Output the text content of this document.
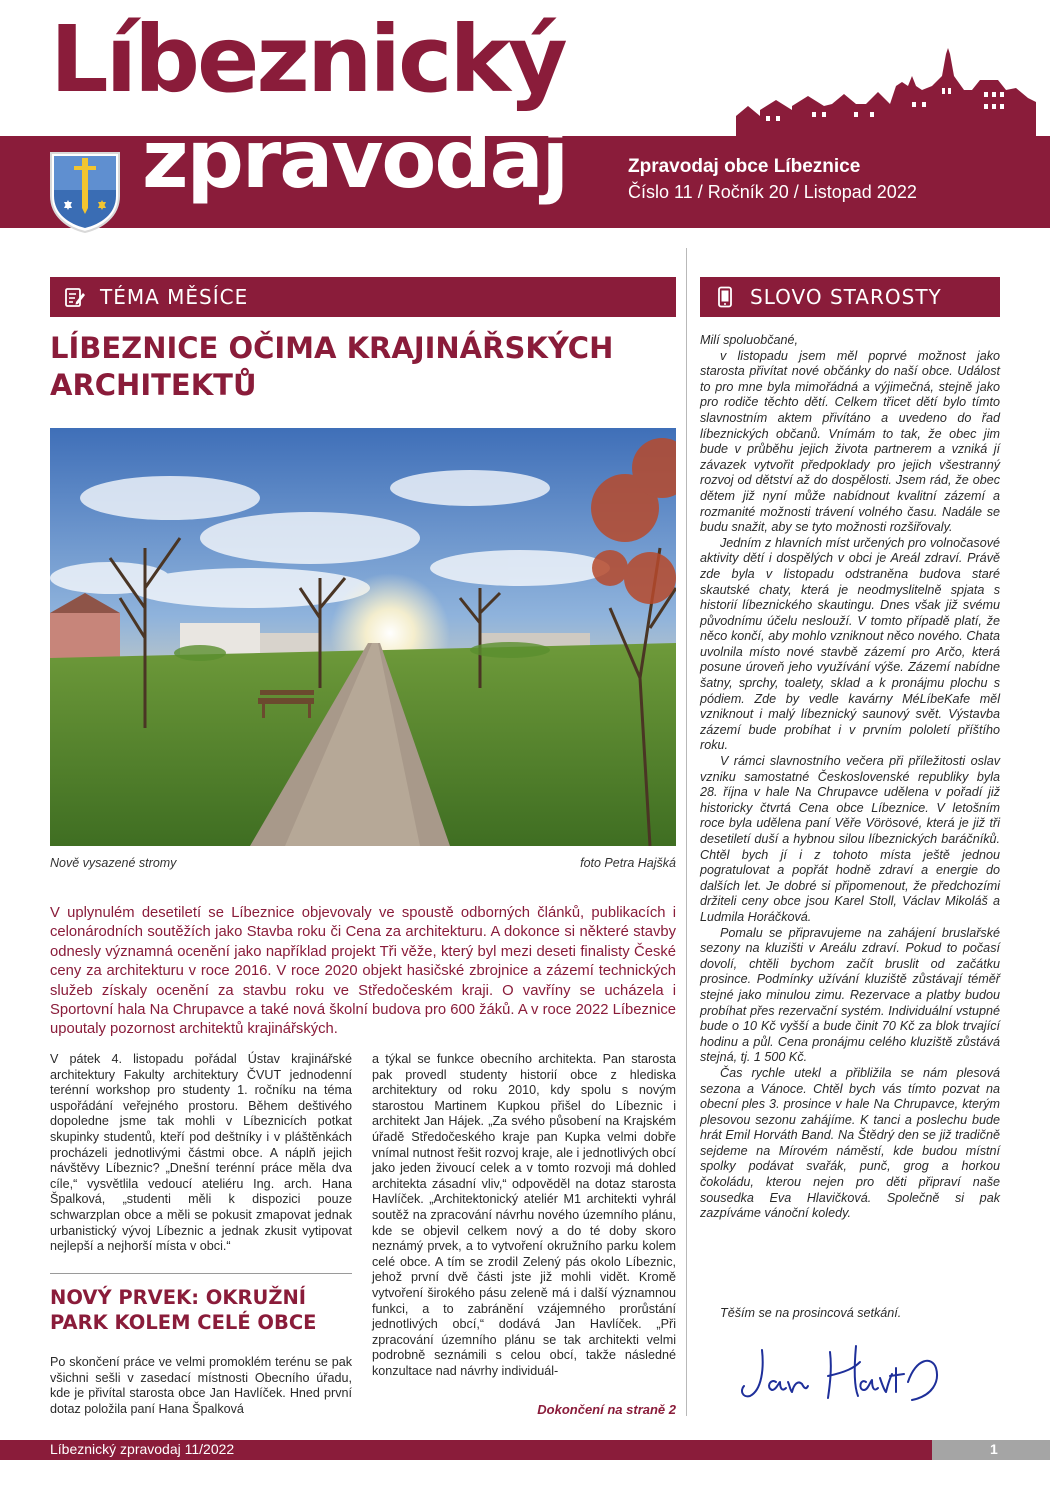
Líbeznický
zpravodaj	Zpravodaj obce Líbeznice
Číslo 11 / Ročník 20 / Listopad 2022
TÉMA MĚSÍCE	SLOVO STAROSTY
LÍBEZNICE OČIMA KRAJINÁŘSKÝCH
ARCHITEKTŮ
Nově vysazené stromy	foto Petra Hajšká

V uplynulém desetiletí se Líbeznice objevovaly ve spoustě odborných článků, publikacích i celonárodních soutěžích jako Stavba roku či Cena za architekturu. A dokonce si některé stavby odnesly významná ocenění jako například projekt Tři věže, který byl mezi deseti finalisty České ceny za architekturu v roce 2016. V roce 2020 objekt hasičské zbrojnice a zázemí technických služeb získaly ocenění za stavbu roku ve Středočeském kraji. O vavříny se ucházela i Sportovní hala Na Chrupavce a také nová školní budova pro 600 žáků. A v roce 2022 Líbeznice upoutaly pozornost architektů krajinářských.

V pátek 4. listopadu pořádal Ústav krajinářské architektury Fakulty architektury ČVUT jednodenní terénní workshop pro studenty 1. ročníku na téma uspořádání veřejného prostoru. Během deštivého dopoledne jsme tak mohli v Líbeznicích potkat skupinky studentů, kteří pod deštníky i v pláštěnkách procházeli jednotlivými částmi obce. A náplň jejich návštěvy Líbeznic? „Dnešní terénní práce měla dva cíle,“ vysvětlila vedoucí ateliéru Ing. arch. Hana Špalková, „studenti měli k dispozici pouze schwarzplan obce a měli se pokusit zmapovat jednak urbanistický vývoj Líbeznic a jednak zkusit vytipovat nejlepší a nejhorší místa v obci.“

NOVÝ PRVEK: OKRUŽNÍ PARK KOLEM CELÉ OBCE

Po skončení práce ve velmi promoklém terénu se pak všichni sešli v zasedací místnosti Obecního úřadu, kde je přivítal starosta obce Jan Havlíček. Hned první dotaz položila paní Hana Špalková

a týkal se funkce obecního architekta. Pan starosta pak provedl studenty historií obce z hlediska architektury od roku 2010, kdy spolu s novým starostou Martinem Kupkou přišel do Líbeznic i architekt Jan Hájek. „Za svého působení na Krajském úřadě Středočeského kraje pan Kupka velmi dobře vnímal nutnost řešit rozvoj kraje, ale i jednotlivých obcí jako jeden živoucí celek a v tomto rozvoji má dohled architekta zásadní vliv,“ odpověděl na dotaz starosta Havlíček. „Architektonický ateliér M1 architekti vyhrál soutěž na zpracování návrhu nového územního plánu, kde se objevil celkem nový a do té doby skoro neznámý prvek, a to vytvoření okružního parku kolem celé obce. A tím se zrodil Zelený pás okolo Líbeznic, jehož první dvě části jste již mohli vidět. Kromě vytvoření širokého pásu zeleně má i další významnou funkci, a to zabránění vzájemného prorůstání jednotlivých obcí,“ dodává Jan Havlíček. „Při zpracování územního plánu se tak architekti velmi podrobně seznámili s celou obcí, takže následné konzultace nad návrhy individuál-

Dokončení na straně 2

Milí spoluobčané,

v listopadu jsem měl poprvé možnost jako starosta přivítat nové občánky do naší obce. Událost to pro mne byla mimořádná a výjimečná, stejně jako pro rodiče těchto dětí. Celkem třicet dětí bylo tímto slavnostním aktem přivítáno a uvedeno do řad líbeznických občanů. Vnímám to tak, že obec jim bude v průběhu jejich života partnerem a vzniká jí závazek vytvořit předpoklady pro jejich všestranný rozvoj od dětství až do dospělosti. Jsem rád, že obec dětem již nyní může nabídnout kvalitní zázemí a rozmanité možnosti trávení volného času. Nadále se budu snažit, aby se tyto možnosti rozšiřovaly.

Jedním z hlavních míst určených pro volnočasové aktivity dětí i dospělých v obci je Areál zdraví. Právě zde byla v listopadu odstraněna budova staré skautské chaty, která je neodmyslitelně spjata s historií líbeznického skautingu. Dnes však již svému původnímu účelu neslouží. V tomto případě platí, že něco končí, aby mohlo vzniknout něco nového. Chata uvolnila místo nové stavbě zázemí pro Arčo, která posune úroveň jeho využívání výše. Zázemí nabídne šatny, sprchy, toalety, sklad a k pronájmu plochu s pódiem. Zde by vedle kavárny MéLíbeKafe měl vzniknout i malý líbeznický saunový svět. Výstavba zázemí bude probíhat i v prvním pololetí příštího roku.

V rámci slavnostního večera při příležitosti oslav vzniku samostatné Československé republiky byla 28. října v hale Na Chrupavce udělena v pořadí již historicky čtvrtá Cena obce Líbeznice. V letošním roce byla udělena paní Věře Vörösové, která je již tři desetiletí duší a hybnou silou líbeznických baráčníků. Chtěl bych jí i z tohoto místa ještě jednou pogratulovat a popřát hodně zdraví a energie do dalších let. Je dobré si připomenout, že předchozími držiteli ceny obce jsou Karel Stoll, Václav Mikoláš a Ludmila Horáčková.

Pomalu se připravujeme na zahájení bruslařské sezony na kluzišti v Areálu zdraví. Pokud to počasí dovolí, chtěli bychom začít bruslit od začátku prosince. Podmínky užívání kluziště zůstávají téměř stejné jako minulou zimu. Rezervace a platby budou probíhat přes rezervační systém. Individuální vstupné bude o 10 Kč vyšší a bude činit 70 Kč za blok trvající hodinu a půl. Cena pronájmu celého kluziště zůstává stejná, tj. 1 500 Kč.

Čas rychle utekl a přibližila se nám plesová sezona a Vánoce. Chtěl bych vás tímto pozvat na obecní ples 3. prosince v hale Na Chrupavce, kterým plesovou sezonu zahájíme. K tanci a poslechu bude hrát Emil Horváth Band. Na Štědrý den se již tradičně sejdeme na Mírovém náměstí, kde budou místní spolky podávat svařák, punč, grog a horkou čokoládu, kterou nejen pro děti připraví naše sousedka Eva Hlavičková. Společně si pak zazpíváme vánoční koledy.

Těším se na prosincová setkání.
Líbeznický zpravodaj 11/2022	1
